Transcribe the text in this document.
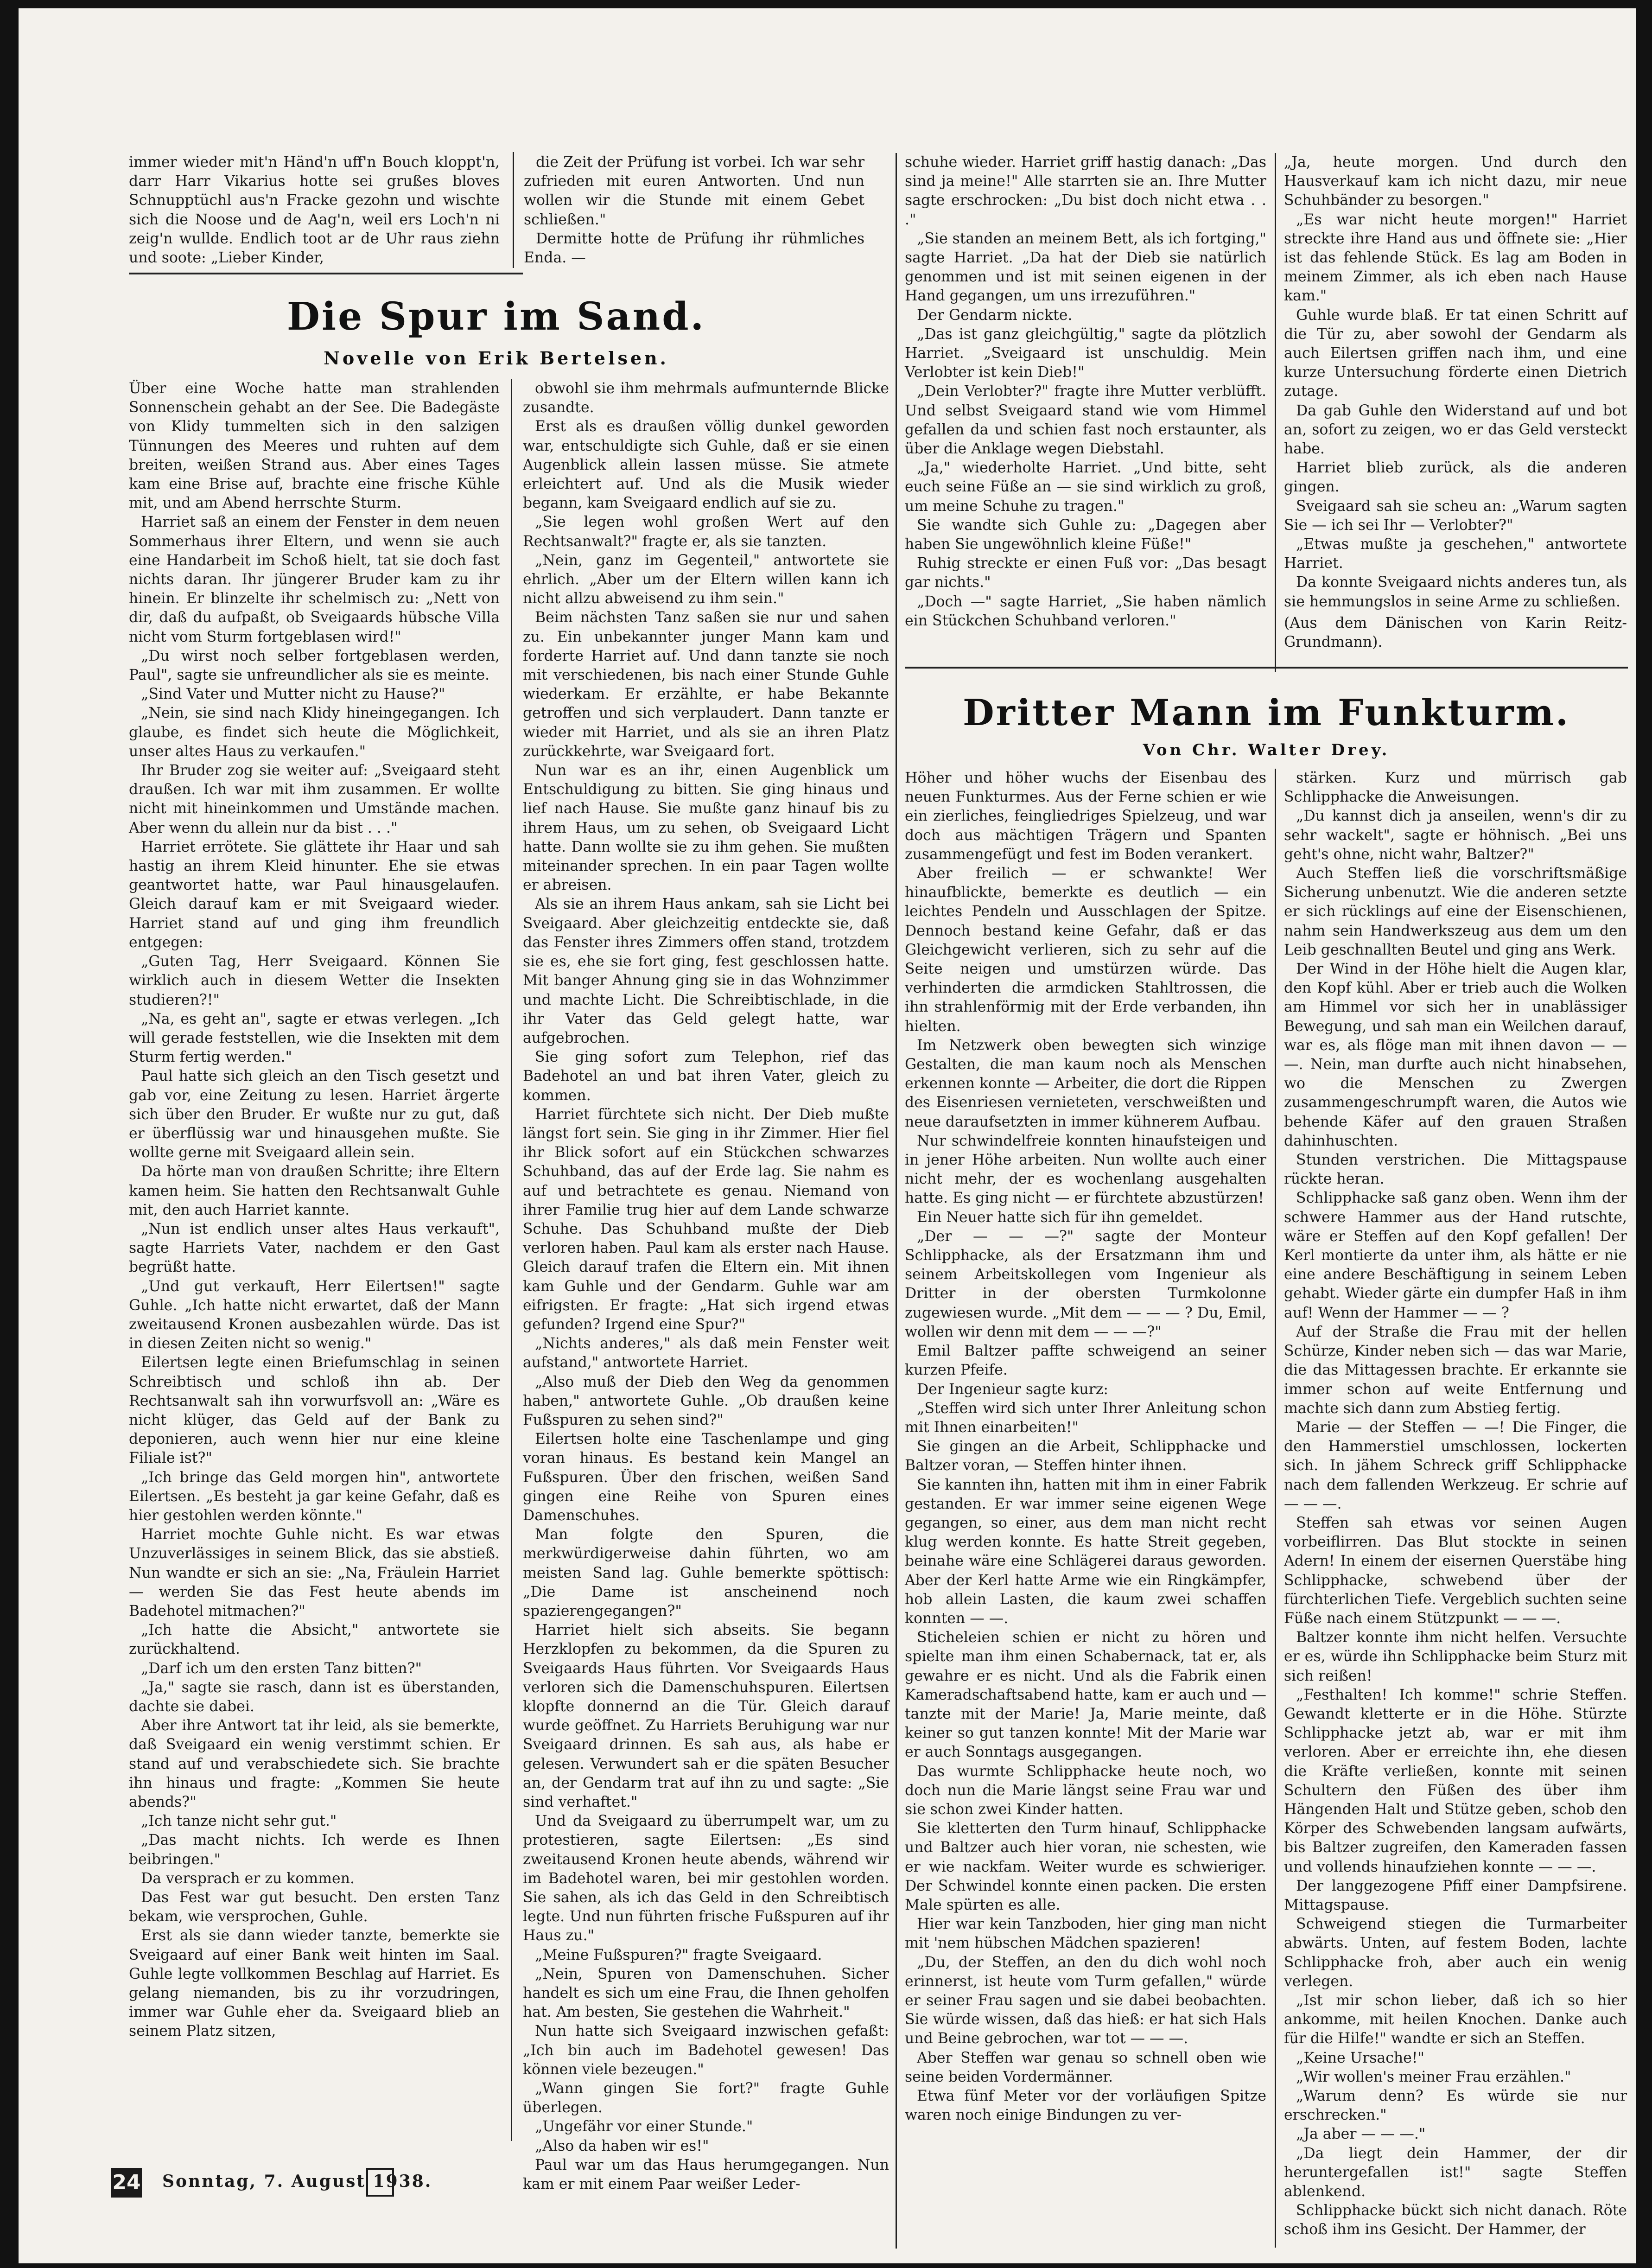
immer wieder mit'n Händ'n uff'n Bouch kloppt'n, darr Harr Vikarius hotte sei grußes bloves Schnupptüchl aus'n Fracke gezohn und wischte sich die Noose und de Aag'n, weil ers Loch'n ni zeig'n wullde. Endlich toot ar de Uhr raus ziehn und soote: „Lieber Kinder,

die Zeit der Prüfung ist vorbei. Ich war sehr zufrieden mit euren Antworten. Und nun wollen wir die Stunde mit einem Gebet schließen."

Dermitte hotte de Prüfung ihr rühmliches Enda. —

Die Spur im Sand.
Novelle von Erik Bertelsen.

Über eine Woche hatte man strahlenden Sonnenschein gehabt an der See. Die Badegäste von Klidy tummelten sich in den salzigen Tünnungen des Meeres und ruhten auf dem breiten, weißen Strand aus. Aber eines Tages kam eine Brise auf, brachte eine frische Kühle mit, und am Abend herrschte Sturm.

Harriet saß an einem der Fenster in dem neuen Sommerhaus ihrer Eltern, und wenn sie auch eine Handarbeit im Schoß hielt, tat sie doch fast nichts daran. Ihr jüngerer Bruder kam zu ihr hinein. Er blinzelte ihr schelmisch zu: „Nett von dir, daß du aufpaßt, ob Sveigaards hübsche Villa nicht vom Sturm fortgeblasen wird!"

„Du wirst noch selber fortgeblasen werden, Paul", sagte sie unfreundlicher als sie es meinte.

„Sind Vater und Mutter nicht zu Hause?"

„Nein, sie sind nach Klidy hineingegangen. Ich glaube, es findet sich heute die Möglichkeit, unser altes Haus zu verkaufen."

Ihr Bruder zog sie weiter auf: „Sveigaard steht draußen. Ich war mit ihm zusammen. Er wollte nicht mit hineinkommen und Umstände machen. Aber wenn du allein nur da bist . . ."

Harriet errötete. Sie glättete ihr Haar und sah hastig an ihrem Kleid hinunter. Ehe sie etwas geantwortet hatte, war Paul hinausgelaufen. Gleich darauf kam er mit Sveigaard wieder. Harriet stand auf und ging ihm freundlich entgegen:

„Guten Tag, Herr Sveigaard. Können Sie wirklich auch in diesem Wetter die Insekten studieren?!"

„Na, es geht an", sagte er etwas verlegen. „Ich will gerade feststellen, wie die Insekten mit dem Sturm fertig werden."

Paul hatte sich gleich an den Tisch gesetzt und gab vor, eine Zeitung zu lesen. Harriet ärgerte sich über den Bruder. Er wußte nur zu gut, daß er überflüssig war und hinausgehen mußte. Sie wollte gerne mit Sveigaard allein sein.

Da hörte man von draußen Schritte; ihre Eltern kamen heim. Sie hatten den Rechtsanwalt Guhle mit, den auch Harriet kannte.

„Nun ist endlich unser altes Haus verkauft", sagte Harriets Vater, nachdem er den Gast begrüßt hatte.

„Und gut verkauft, Herr Eilertsen!" sagte Guhle. „Ich hatte nicht erwartet, daß der Mann zweitausend Kronen ausbezahlen würde. Das ist in diesen Zeiten nicht so wenig."

Eilertsen legte einen Briefumschlag in seinen Schreibtisch und schloß ihn ab. Der Rechtsanwalt sah ihn vorwurfsvoll an: „Wäre es nicht klüger, das Geld auf der Bank zu deponieren, auch wenn hier nur eine kleine Filiale ist?"

„Ich bringe das Geld morgen hin", antwortete Eilertsen. „Es besteht ja gar keine Gefahr, daß es hier gestohlen werden könnte."

Harriet mochte Guhle nicht. Es war etwas Unzuverlässiges in seinem Blick, das sie abstieß. Nun wandte er sich an sie: „Na, Fräulein Harriet — werden Sie das Fest heute abends im Badehotel mitmachen?"

„Ich hatte die Absicht," antwortete sie zurückhaltend.

„Darf ich um den ersten Tanz bitten?"

„Ja," sagte sie rasch, dann ist es überstanden, dachte sie dabei.

Aber ihre Antwort tat ihr leid, als sie bemerkte, daß Sveigaard ein wenig verstimmt schien. Er stand auf und verabschiedete sich. Sie brachte ihn hinaus und fragte: „Kommen Sie heute abends?"

„Ich tanze nicht sehr gut."

„Das macht nichts. Ich werde es Ihnen beibringen."

Da versprach er zu kommen.

Das Fest war gut besucht. Den ersten Tanz bekam, wie versprochen, Guhle.

Erst als sie dann wieder tanzte, bemerkte sie Sveigaard auf einer Bank weit hinten im Saal. Guhle legte vollkommen Beschlag auf Harriet. Es gelang niemanden, bis zu ihr vorzudringen, immer war Guhle eher da. Sveigaard blieb an seinem Platz sitzen,

obwohl sie ihm mehrmals aufmunternde Blicke zusandte.

Erst als es draußen völlig dunkel geworden war, entschuldigte sich Guhle, daß er sie einen Augenblick allein lassen müsse. Sie atmete erleichtert auf. Und als die Musik wieder begann, kam Sveigaard endlich auf sie zu.

„Sie legen wohl großen Wert auf den Rechtsanwalt?" fragte er, als sie tanzten.

„Nein, ganz im Gegenteil," antwortete sie ehrlich. „Aber um der Eltern willen kann ich nicht allzu abweisend zu ihm sein."

Beim nächsten Tanz saßen sie nur und sahen zu. Ein unbekannter junger Mann kam und forderte Harriet auf. Und dann tanzte sie noch mit verschiedenen, bis nach einer Stunde Guhle wiederkam. Er erzählte, er habe Bekannte getroffen und sich verplaudert. Dann tanzte er wieder mit Harriet, und als sie an ihren Platz zurückkehrte, war Sveigaard fort.

Nun war es an ihr, einen Augenblick um Entschuldigung zu bitten. Sie ging hinaus und lief nach Hause. Sie mußte ganz hinauf bis zu ihrem Haus, um zu sehen, ob Sveigaard Licht hatte. Dann wollte sie zu ihm gehen. Sie mußten miteinander sprechen. In ein paar Tagen wollte er abreisen.

Als sie an ihrem Haus ankam, sah sie Licht bei Sveigaard. Aber gleichzeitig entdeckte sie, daß das Fenster ihres Zimmers offen stand, trotzdem sie es, ehe sie fort ging, fest geschlossen hatte. Mit banger Ahnung ging sie in das Wohnzimmer und machte Licht. Die Schreibtischlade, in die ihr Vater das Geld gelegt hatte, war aufgebrochen.

Sie ging sofort zum Telephon, rief das Badehotel an und bat ihren Vater, gleich zu kommen.

Harriet fürchtete sich nicht. Der Dieb mußte längst fort sein. Sie ging in ihr Zimmer. Hier fiel ihr Blick sofort auf ein Stückchen schwarzes Schuhband, das auf der Erde lag. Sie nahm es auf und betrachtete es genau. Niemand von ihrer Familie trug hier auf dem Lande schwarze Schuhe. Das Schuhband mußte der Dieb verloren haben. Paul kam als erster nach Hause. Gleich darauf trafen die Eltern ein. Mit ihnen kam Guhle und der Gendarm. Guhle war am eifrigsten. Er fragte: „Hat sich irgend etwas gefunden? Irgend eine Spur?"

„Nichts anderes," als daß mein Fenster weit aufstand," antwortete Harriet.

„Also muß der Dieb den Weg da genommen haben," antwortete Guhle. „Ob draußen keine Fußspuren zu sehen sind?"

Eilertsen holte eine Taschenlampe und ging voran hinaus. Es bestand kein Mangel an Fußspuren. Über den frischen, weißen Sand gingen eine Reihe von Spuren eines Damenschuhes.

Man folgte den Spuren, die merkwürdigerweise dahin führten, wo am meisten Sand lag. Guhle bemerkte spöttisch: „Die Dame ist anscheinend noch spazierengegangen?"

Harriet hielt sich abseits. Sie begann Herzklopfen zu bekommen, da die Spuren zu Sveigaards Haus führten. Vor Sveigaards Haus verloren sich die Damenschuhspuren. Eilertsen klopfte donnernd an die Tür. Gleich darauf wurde geöffnet. Zu Harriets Beruhigung war nur Sveigaard drinnen. Es sah aus, als habe er gelesen. Verwundert sah er die späten Besucher an, der Gendarm trat auf ihn zu und sagte: „Sie sind verhaftet."

Und da Sveigaard zu überrumpelt war, um zu protestieren, sagte Eilertsen: „Es sind zweitausend Kronen heute abends, während wir im Badehotel waren, bei mir gestohlen worden. Sie sahen, als ich das Geld in den Schreibtisch legte. Und nun führten frische Fußspuren auf ihr Haus zu."

„Meine Fußspuren?" fragte Sveigaard.

„Nein, Spuren von Damenschuhen. Sicher handelt es sich um eine Frau, die Ihnen geholfen hat. Am besten, Sie gestehen die Wahrheit."

Nun hatte sich Sveigaard inzwischen gefaßt: „Ich bin auch im Badehotel gewesen! Das können viele bezeugen."

„Wann gingen Sie fort?" fragte Guhle überlegen.

„Ungefähr vor einer Stunde."

„Also da haben wir es!"

Paul war um das Haus herumgegangen. Nun kam er mit einem Paar weißer Leder-

schuhe wieder. Harriet griff hastig danach: „Das sind ja meine!" Alle starrten sie an. Ihre Mutter sagte erschrocken: „Du bist doch nicht etwa . . ."

„Sie standen an meinem Bett, als ich fortging," sagte Harriet. „Da hat der Dieb sie natürlich genommen und ist mit seinen eigenen in der Hand gegangen, um uns irrezuführen."

Der Gendarm nickte.

„Das ist ganz gleichgültig," sagte da plötzlich Harriet. „Sveigaard ist unschuldig. Mein Verlobter ist kein Dieb!"

„Dein Verlobter?" fragte ihre Mutter verblüfft. Und selbst Sveigaard stand wie vom Himmel gefallen da und schien fast noch erstaunter, als über die Anklage wegen Diebstahl.

„Ja," wiederholte Harriet. „Und bitte, seht euch seine Füße an — sie sind wirklich zu groß, um meine Schuhe zu tragen."

Sie wandte sich Guhle zu: „Dagegen aber haben Sie ungewöhnlich kleine Füße!"

Ruhig streckte er einen Fuß vor: „Das besagt gar nichts."

„Doch —" sagte Harriet, „Sie haben nämlich ein Stückchen Schuhband verloren."

„Ja, heute morgen. Und durch den Hausverkauf kam ich nicht dazu, mir neue Schuhbänder zu besorgen."

„Es war nicht heute morgen!" Harriet streckte ihre Hand aus und öffnete sie: „Hier ist das fehlende Stück. Es lag am Boden in meinem Zimmer, als ich eben nach Hause kam."

Guhle wurde blaß. Er tat einen Schritt auf die Tür zu, aber sowohl der Gendarm als auch Eilertsen griffen nach ihm, und eine kurze Untersuchung förderte einen Dietrich zutage.

Da gab Guhle den Widerstand auf und bot an, sofort zu zeigen, wo er das Geld versteckt habe.

Harriet blieb zurück, als die anderen gingen.

Sveigaard sah sie scheu an: „Warum sagten Sie — ich sei Ihr — Verlobter?"

„Etwas mußte ja geschehen," antwortete Harriet.

Da konnte Sveigaard nichts anderes tun, als sie hemmungslos in seine Arme zu schließen.

(Aus dem Dänischen von Karin Reitz-Grundmann).

Dritter Mann im Funkturm.
Von Chr. Walter Drey.

Höher und höher wuchs der Eisenbau des neuen Funkturmes. Aus der Ferne schien er wie ein zierliches, feingliedriges Spielzeug, und war doch aus mächtigen Trägern und Spanten zusammengefügt und fest im Boden verankert.

Aber freilich — er schwankte! Wer hinaufblickte, bemerkte es deutlich — ein leichtes Pendeln und Ausschlagen der Spitze. Dennoch bestand keine Gefahr, daß er das Gleichgewicht verlieren, sich zu sehr auf die Seite neigen und umstürzen würde. Das verhinderten die armdicken Stahltrossen, die ihn strahlenförmig mit der Erde verbanden, ihn hielten.

Im Netzwerk oben bewegten sich winzige Gestalten, die man kaum noch als Menschen erkennen konnte — Arbeiter, die dort die Rippen des Eisenriesen vernieteten, verschweißten und neue daraufsetzten in immer kühnerem Aufbau.

Nur schwindelfreie konnten hinaufsteigen und in jener Höhe arbeiten. Nun wollte auch einer nicht mehr, der es wochenlang ausgehalten hatte. Es ging nicht — er fürchtete abzustürzen!

Ein Neuer hatte sich für ihn gemeldet.

„Der — — —?" sagte der Monteur Schlipphacke, als der Ersatzmann ihm und seinem Arbeitskollegen vom Ingenieur als Dritter in der obersten Turmkolonne zugewiesen wurde. „Mit dem — — — ? Du, Emil, wollen wir denn mit dem — — —?"

Emil Baltzer paffte schweigend an seiner kurzen Pfeife.

Der Ingenieur sagte kurz:

„Steffen wird sich unter Ihrer Anleitung schon mit Ihnen einarbeiten!"

Sie gingen an die Arbeit, Schlipphacke und Baltzer voran, — Steffen hinter ihnen.

Sie kannten ihn, hatten mit ihm in einer Fabrik gestanden. Er war immer seine eigenen Wege gegangen, so einer, aus dem man nicht recht klug werden konnte. Es hatte Streit gegeben, beinahe wäre eine Schlägerei daraus geworden. Aber der Kerl hatte Arme wie ein Ringkämpfer, hob allein Lasten, die kaum zwei schaffen konnten — —.

Sticheleien schien er nicht zu hören und spielte man ihm einen Schabernack, tat er, als gewahre er es nicht. Und als die Fabrik einen Kameradschaftsabend hatte, kam er auch und — tanzte mit der Marie! Ja, Marie meinte, daß keiner so gut tanzen konnte! Mit der Marie war er auch Sonntags ausgegangen.

Das wurmte Schlipphacke heute noch, wo doch nun die Marie längst seine Frau war und sie schon zwei Kinder hatten.

Sie kletterten den Turm hinauf, Schlipphacke und Baltzer auch hier voran, nie schesten, wie er wie nackfam. Weiter wurde es schwieriger. Der Schwindel konnte einen packen. Die ersten Male spürten es alle.

Hier war kein Tanzboden, hier ging man nicht mit 'nem hübschen Mädchen spazieren!

„Du, der Steffen, an den du dich wohl noch erinnerst, ist heute vom Turm gefallen," würde er seiner Frau sagen und sie dabei beobachten. Sie würde wissen, daß das hieß: er hat sich Hals und Beine gebrochen, war tot — — —.

Aber Steffen war genau so schnell oben wie seine beiden Vordermänner.

Etwa fünf Meter vor der vorläufigen Spitze waren noch einige Bindungen zu ver-

stärken. Kurz und mürrisch gab Schlipphacke die Anweisungen.

„Du kannst dich ja anseilen, wenn's dir zu sehr wackelt", sagte er höhnisch. „Bei uns geht's ohne, nicht wahr, Baltzer?"

Auch Steffen ließ die vorschriftsmäßige Sicherung unbenutzt. Wie die anderen setzte er sich rücklings auf eine der Eisenschienen, nahm sein Handwerkszeug aus dem um den Leib geschnallten Beutel und ging ans Werk.

Der Wind in der Höhe hielt die Augen klar, den Kopf kühl. Aber er trieb auch die Wolken am Himmel vor sich her in unablässiger Bewegung, und sah man ein Weilchen darauf, war es, als flöge man mit ihnen davon — — —. Nein, man durfte auch nicht hinabsehen, wo die Menschen zu Zwergen zusammengeschrumpft waren, die Autos wie behende Käfer auf den grauen Straßen dahinhuschten.

Stunden verstrichen. Die Mittagspause rückte heran.

Schlipphacke saß ganz oben. Wenn ihm der schwere Hammer aus der Hand rutschte, wäre er Steffen auf den Kopf gefallen! Der Kerl montierte da unter ihm, als hätte er nie eine andere Beschäftigung in seinem Leben gehabt. Wieder gärte ein dumpfer Haß in ihm auf! Wenn der Hammer — — ?

Auf der Straße die Frau mit der hellen Schürze, Kinder neben sich — das war Marie, die das Mittagessen brachte. Er erkannte sie immer schon auf weite Entfernung und machte sich dann zum Abstieg fertig.

Marie — der Steffen — —! Die Finger, die den Hammerstiel umschlossen, lockerten sich. In jähem Schreck griff Schlipphacke nach dem fallenden Werkzeug. Er schrie auf — — —.

Steffen sah etwas vor seinen Augen vorbeiflirren. Das Blut stockte in seinen Adern! In einem der eisernen Querstäbe hing Schlipphacke, schwebend über der fürchterlichen Tiefe. Vergeblich suchten seine Füße nach einem Stützpunkt — — —.

Baltzer konnte ihm nicht helfen. Versuchte er es, würde ihn Schlipphacke beim Sturz mit sich reißen!

„Festhalten! Ich komme!" schrie Steffen. Gewandt kletterte er in die Höhe. Stürzte Schlipphacke jetzt ab, war er mit ihm verloren. Aber er erreichte ihn, ehe diesen die Kräfte verließen, konnte mit seinen Schultern den Füßen des über ihm Hängenden Halt und Stütze geben, schob den Körper des Schwebenden langsam aufwärts, bis Baltzer zugreifen, den Kameraden fassen und vollends hinaufziehen konnte — — —.

Der langgezogene Pfiff einer Dampfsirene. Mittagspause.

Schweigend stiegen die Turmarbeiter abwärts. Unten, auf festem Boden, lachte Schlipphacke froh, aber auch ein wenig verlegen.

„Ist mir schon lieber, daß ich so hier ankomme, mit heilen Knochen. Danke auch für die Hilfe!" wandte er sich an Steffen.

„Keine Ursache!"

„Wir wollen's meiner Frau erzählen."

„Warum denn? Es würde sie nur erschrecken."

„Ja aber — — —."

„Da liegt dein Hammer, der dir heruntergefallen ist!" sagte Steffen ablenkend.

Schlipphacke bückt sich nicht danach. Röte schoß ihm ins Gesicht. Der Hammer, der

24 Sonntag, 7. August 1938.
